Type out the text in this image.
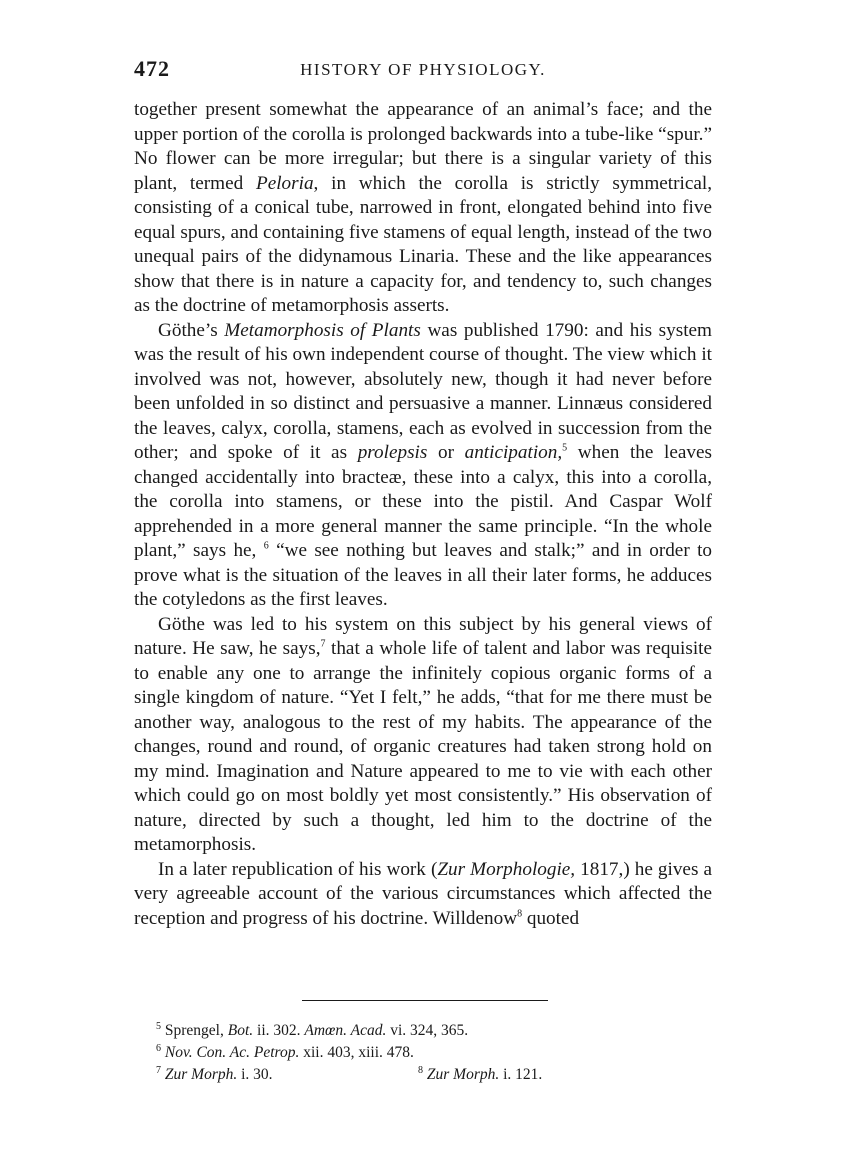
472	HISTORY OF PHYSIOLOGY.

together present somewhat the appearance of an animal’s face; and the upper portion of the corolla is prolonged backwards into a tube-like “spur.” No flower can be more irregular; but there is a singular variety of this plant, termed Peloria, in which the corolla is strictly symmetrical, consisting of a conical tube, narrowed in front, elongated behind into five equal spurs, and containing five stamens of equal length, instead of the two unequal pairs of the didynamous Linaria. These and the like appearances show that there is in nature a capacity for, and tendency to, such changes as the doctrine of metamorphosis asserts.

Göthe’s Metamorphosis of Plants was published 1790: and his system was the result of his own independent course of thought. The view which it involved was not, however, absolutely new, though it had never before been unfolded in so distinct and persuasive a manner. Linnæus considered the leaves, calyx, corolla, stamens, each as evolved in succession from the other; and spoke of it as prolepsis or anticipation,$^5$ when the leaves changed accidentally into bracteæ, these into a calyx, this into a corolla, the corolla into stamens, or these into the pistil. And Caspar Wolf apprehended in a more general manner the same principle. “In the whole plant,” says he, $^6$ “we see nothing but leaves and stalk;” and in order to prove what is the situation of the leaves in all their later forms, he adduces the cotyledons as the first leaves.

Göthe was led to his system on this subject by his general views of nature. He saw, he says,$^7$ that a whole life of talent and labor was requisite to enable any one to arrange the infinitely copious organic forms of a single kingdom of nature. “Yet I felt,” he adds, “that for me there must be another way, analogous to the rest of my habits. The appearance of the changes, round and round, of organic creatures had taken strong hold on my mind. Imagination and Nature appeared to me to vie with each other which could go on most boldly yet most consistently.” His observation of nature, directed by such a thought, led him to the doctrine of the metamorphosis.

In a later republication of his work (Zur Morphologie, 1817,) he gives a very agreeable account of the various circumstances which affected the reception and progress of his doctrine. Willdenow$^8$ quoted

$^5$ Sprengel, Bot. ii. 302. Amœn. Acad. vi. 324, 365.
$^6$ Nov. Con. Ac. Petrop. xii. 403, xiii. 478.
$^7$ Zur Morph. i. 30.	$^8$ Zur Morph. i. 121.
